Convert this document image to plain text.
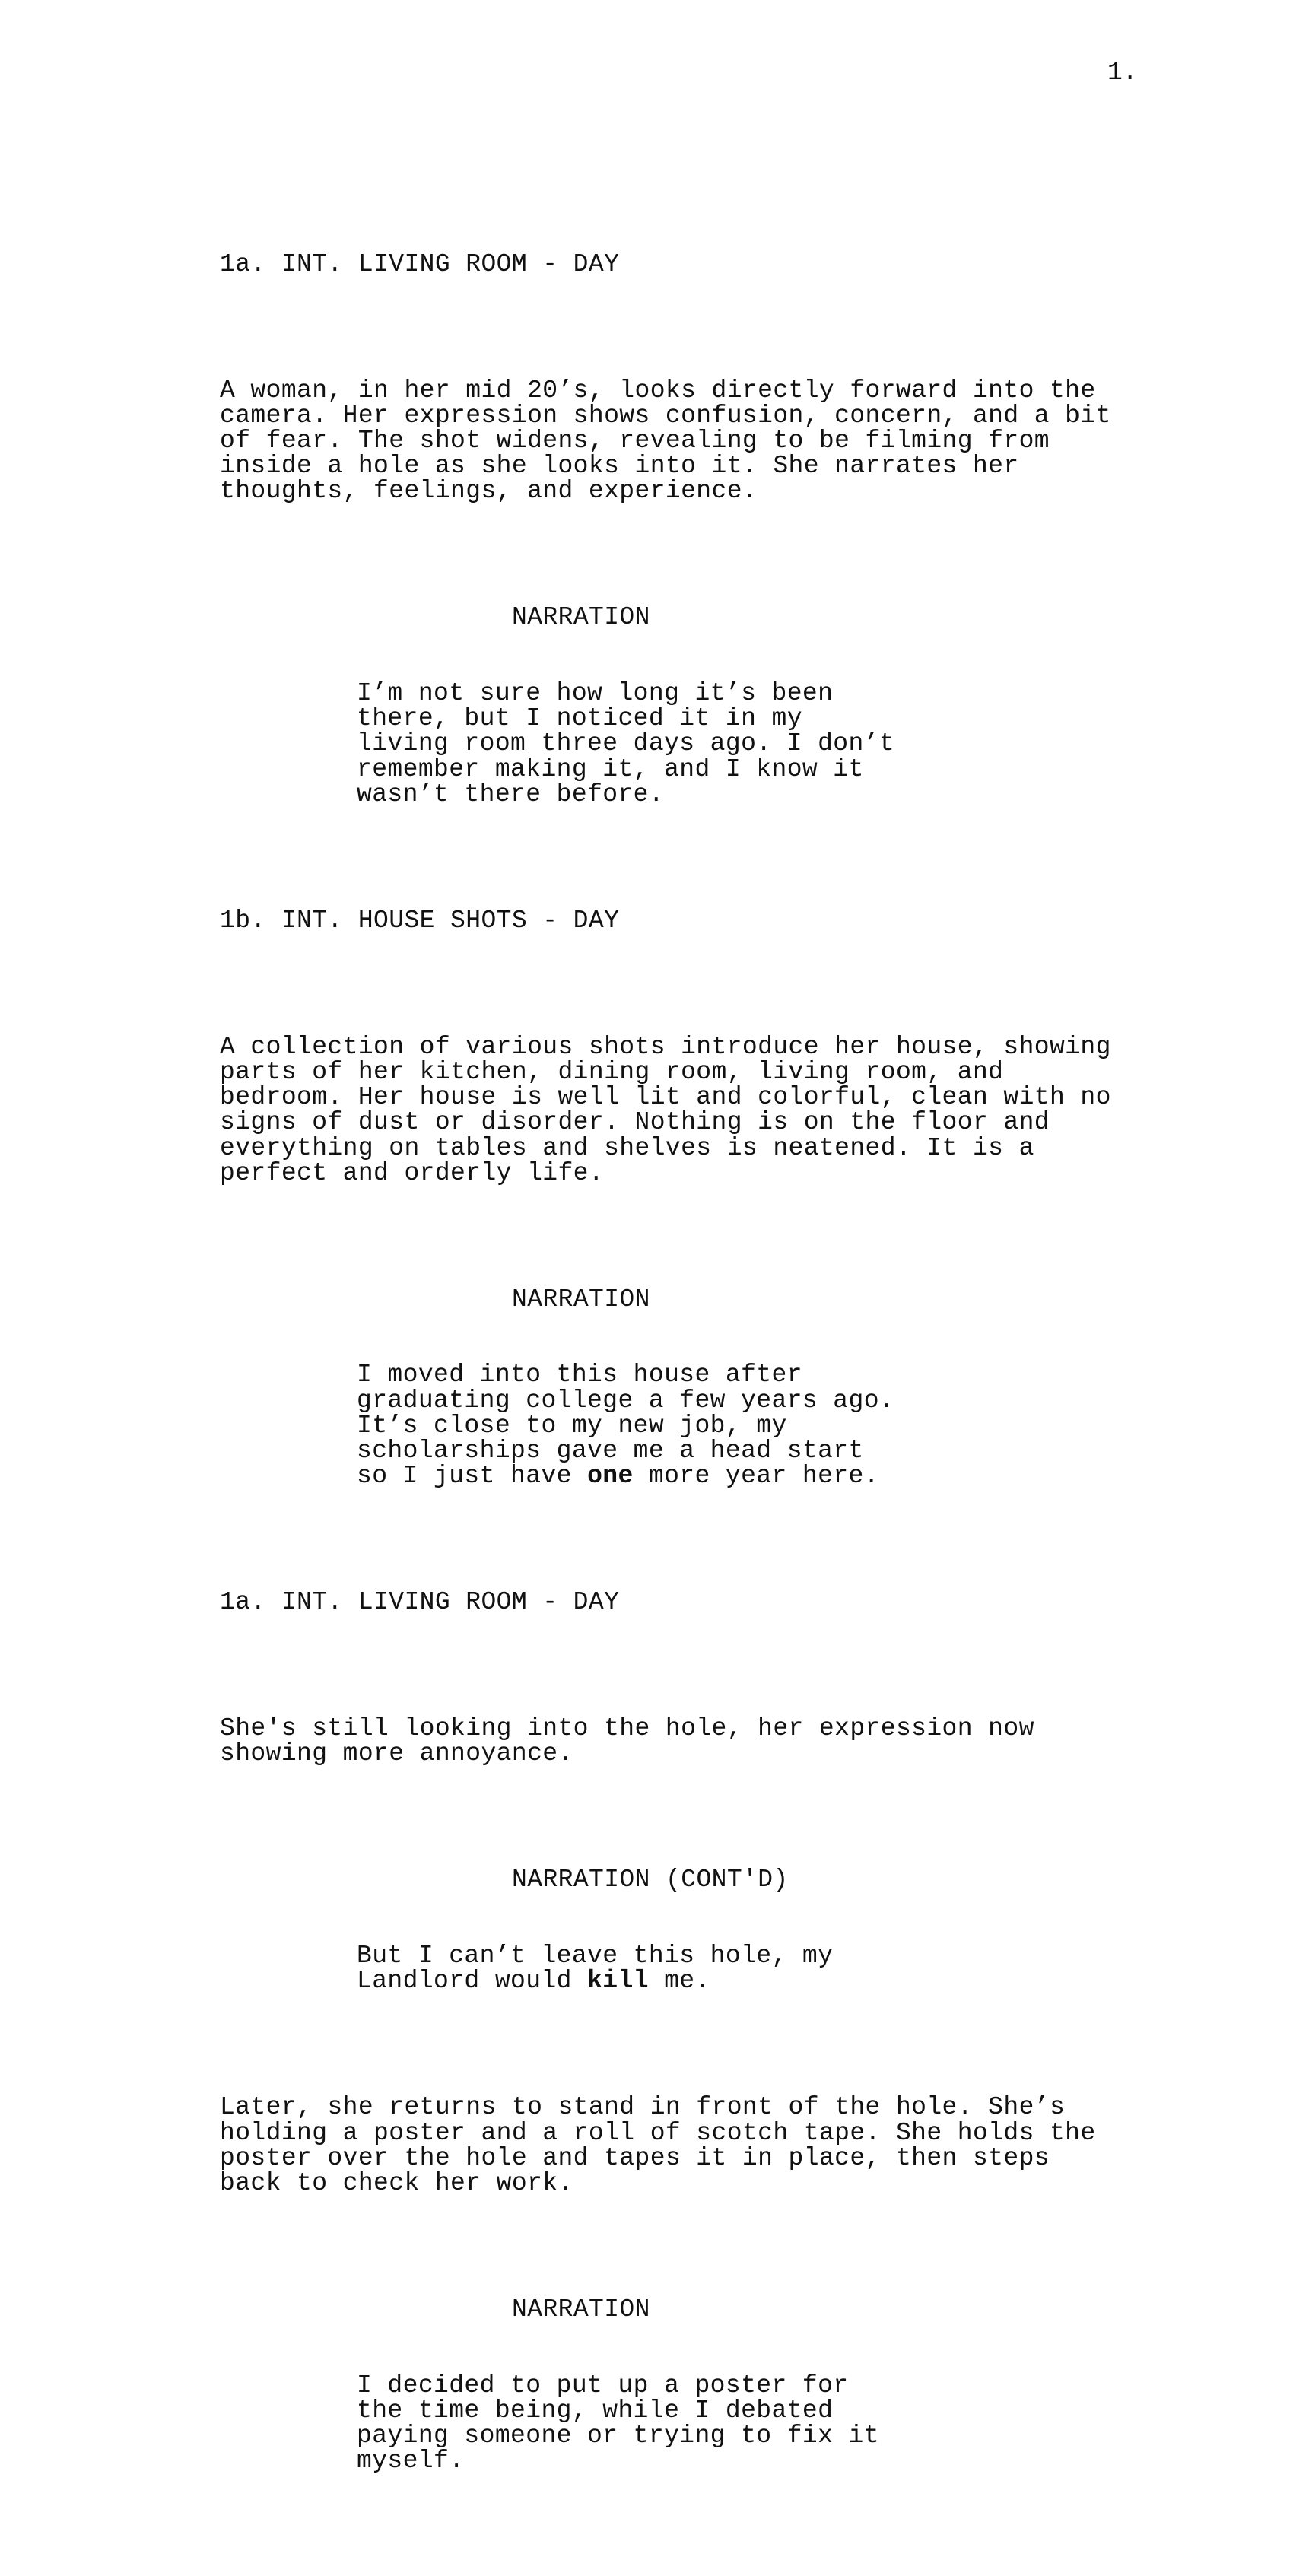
1.

1a. INT. LIVING ROOM - DAY

A woman, in her mid 20’s, looks directly forward into the
camera. Her expression shows confusion, concern, and a bit
of fear. The shot widens, revealing to be filming from
inside a hole as she looks into it. She narrates her
thoughts, feelings, and experience.

NARRATION

I’m not sure how long it’s been
there, but I noticed it in my
living room three days ago. I don’t
remember making it, and I know it
wasn’t there before.

1b. INT. HOUSE SHOTS - DAY

A collection of various shots introduce her house, showing
parts of her kitchen, dining room, living room, and
bedroom. Her house is well lit and colorful, clean with no
signs of dust or disorder. Nothing is on the floor and
everything on tables and shelves is neatened. It is a
perfect and orderly life.

NARRATION

I moved into this house after
graduating college a few years ago.
It’s close to my new job, my
scholarships gave me a head start
so I just have one more year here.

1a. INT. LIVING ROOM - DAY

She's still looking into the hole, her expression now
showing more annoyance.

NARRATION (CONT'D)

But I can’t leave this hole, my
Landlord would kill me.

Later, she returns to stand in front of the hole. She’s
holding a poster and a roll of scotch tape. She holds the
poster over the hole and tapes it in place, then steps
back to check her work.

NARRATION

I decided to put up a poster for
the time being, while I debated
paying someone or trying to fix it
myself.
